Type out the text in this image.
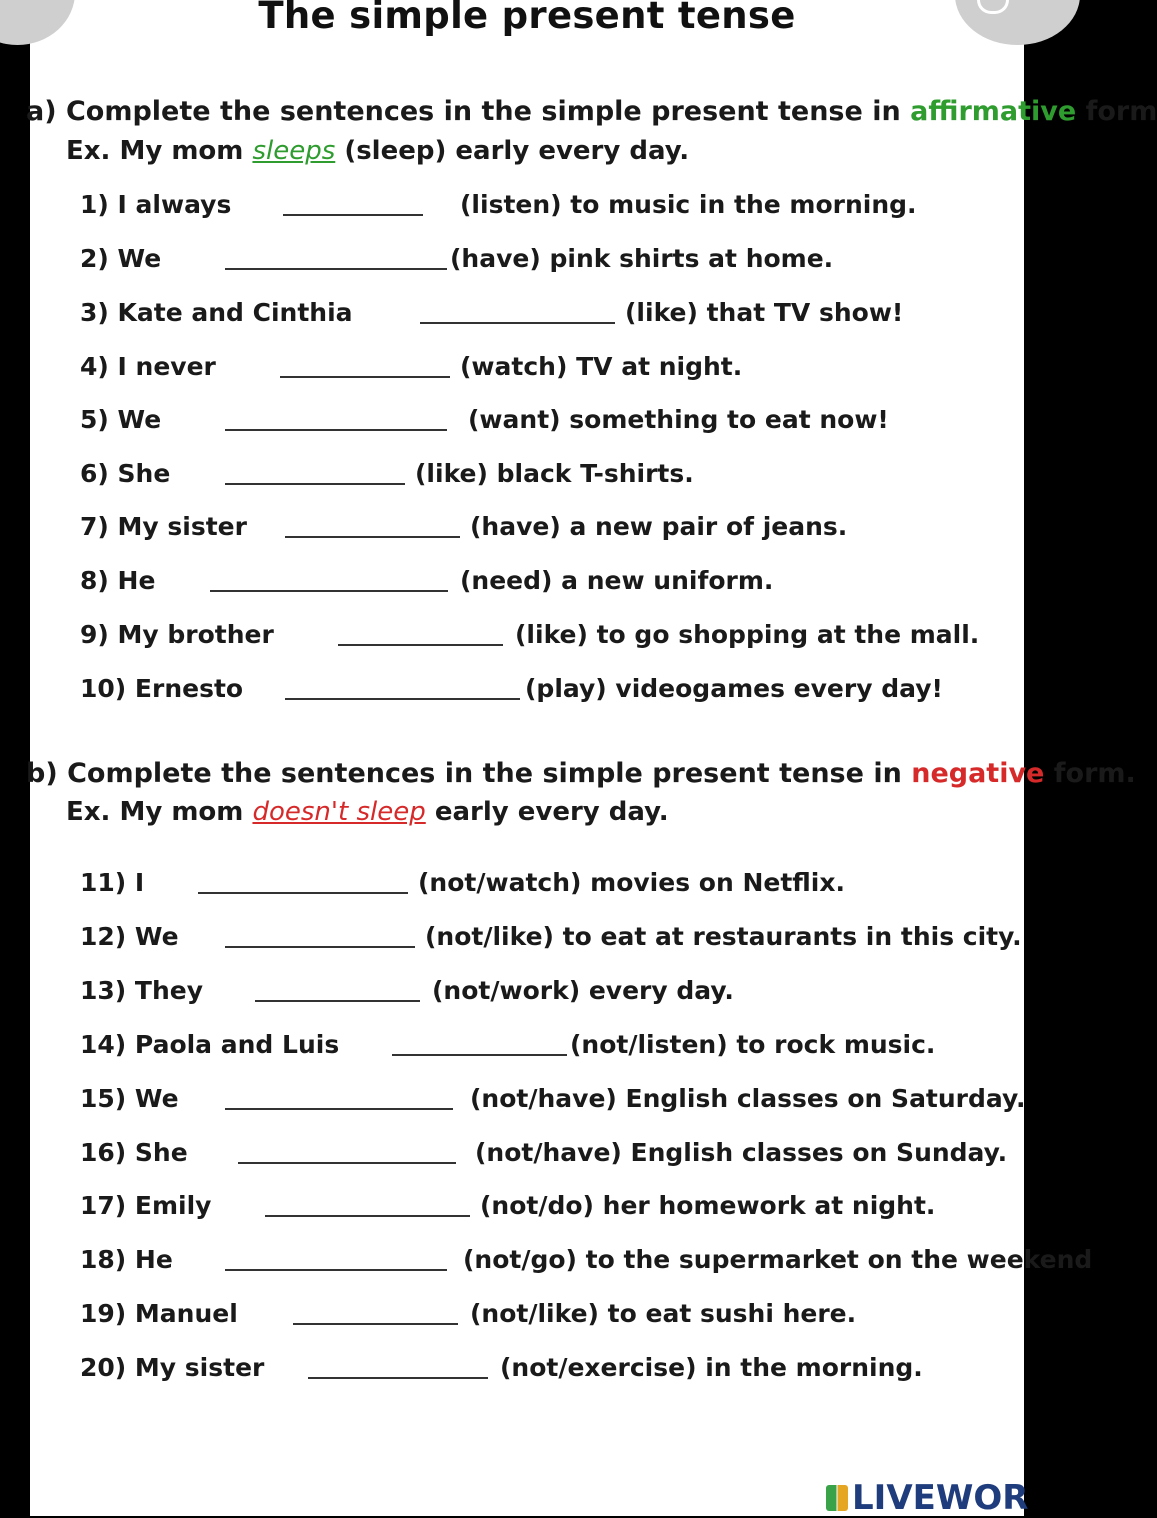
The simple present tense
a) Complete the sentences in the simple present tense in affirmative form
Ex. My mom sleeps (sleep) early every day.
1) I always	(listen) to music in the morning.
2) We	(have) pink shirts at home.
3) Kate and Cinthia	(like) that TV show!
4) I never	(watch) TV at night.
5) We	(want) something to eat now!
6) She	(like) black T-shirts.
7) My sister	(have) a new pair of jeans.
8) He	(need) a new uniform.
9) My brother	(like) to go shopping at the mall.
10) Ernesto	(play) videogames every day!
b) Complete the sentences in the simple present tense in negative form.
Ex. My mom doesn't sleep early every day.
11) I	(not/watch) movies on Netflix.
12) We	(not/like) to eat at restaurants in this city.
13) They	(not/work) every day.
14) Paola and Luis	(not/listen) to rock music.
15) We	(not/have) English classes on Saturday.
16) She	(not/have) English classes on Sunday.
17) Emily	(not/do) her homework at night.
18) He	(not/go) to the supermarket on the weekend
19) Manuel	(not/like) to eat sushi here.
20) My sister	(not/exercise) in the morning.
LIVEWOR
